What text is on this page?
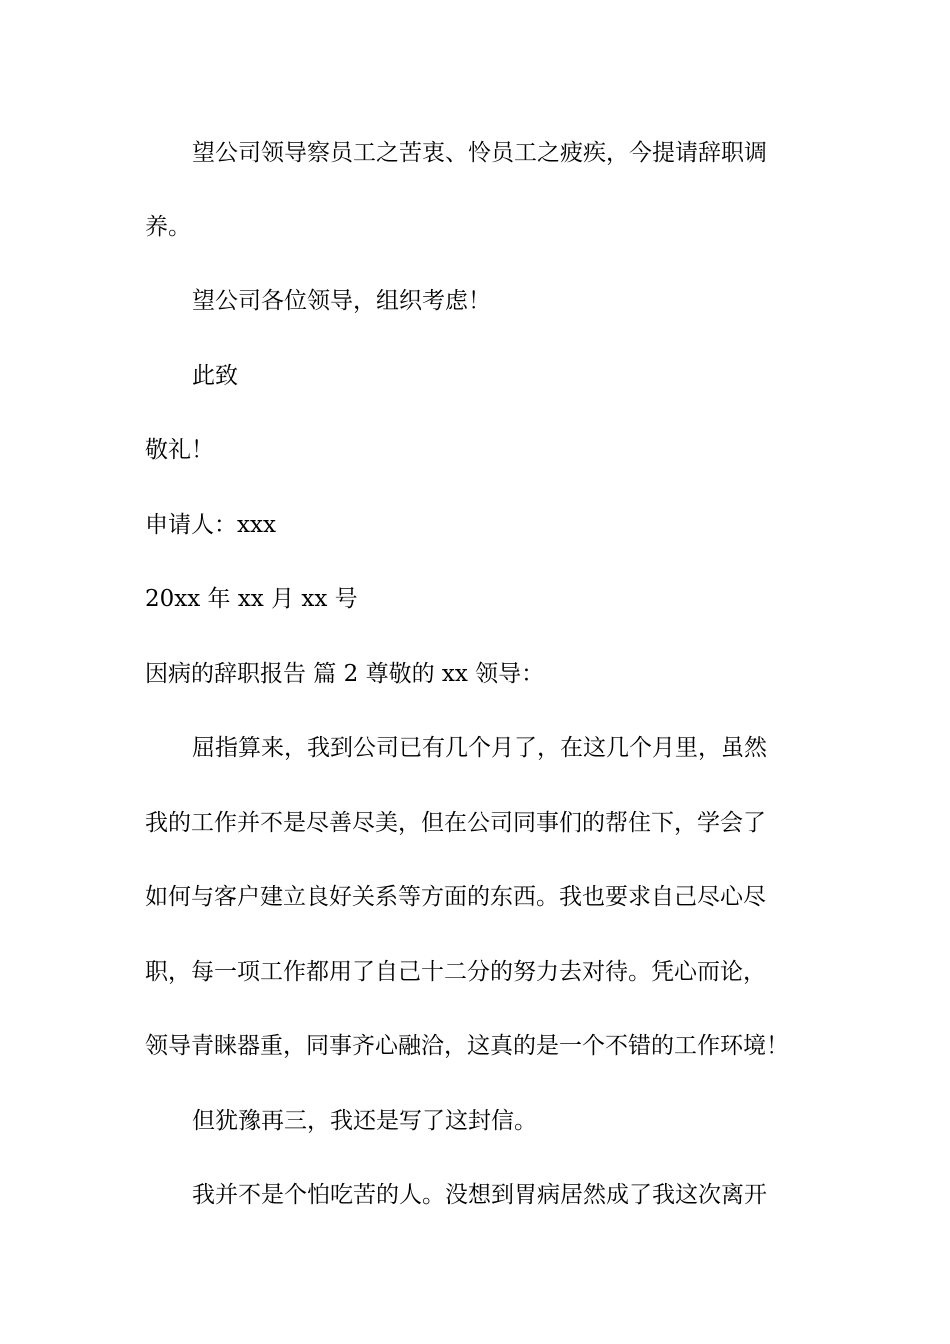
望公司领导察员工之苦衷、怜员工之疲疾，今提请辞职调
养。
望公司各位领导，组织考虑！
此致
敬礼！
申请人：xxx
20xx 年 xx 月 xx 号
因病的辞职报告 篇 2 尊敬的 xx 领导：
屈指算来，我到公司已有几个月了，在这几个月里，虽然
我的工作并不是尽善尽美，但在公司同事们的帮住下，学会了
如何与客户建立良好关系等方面的东西。我也要求自己尽心尽
职，每一项工作都用了自己十二分的努力去对待。凭心而论，
领导青睐器重，同事齐心融洽，这真的是一个不错的工作环境！
但犹豫再三，我还是写了这封信。
我并不是个怕吃苦的人。没想到胃病居然成了我这次离开
